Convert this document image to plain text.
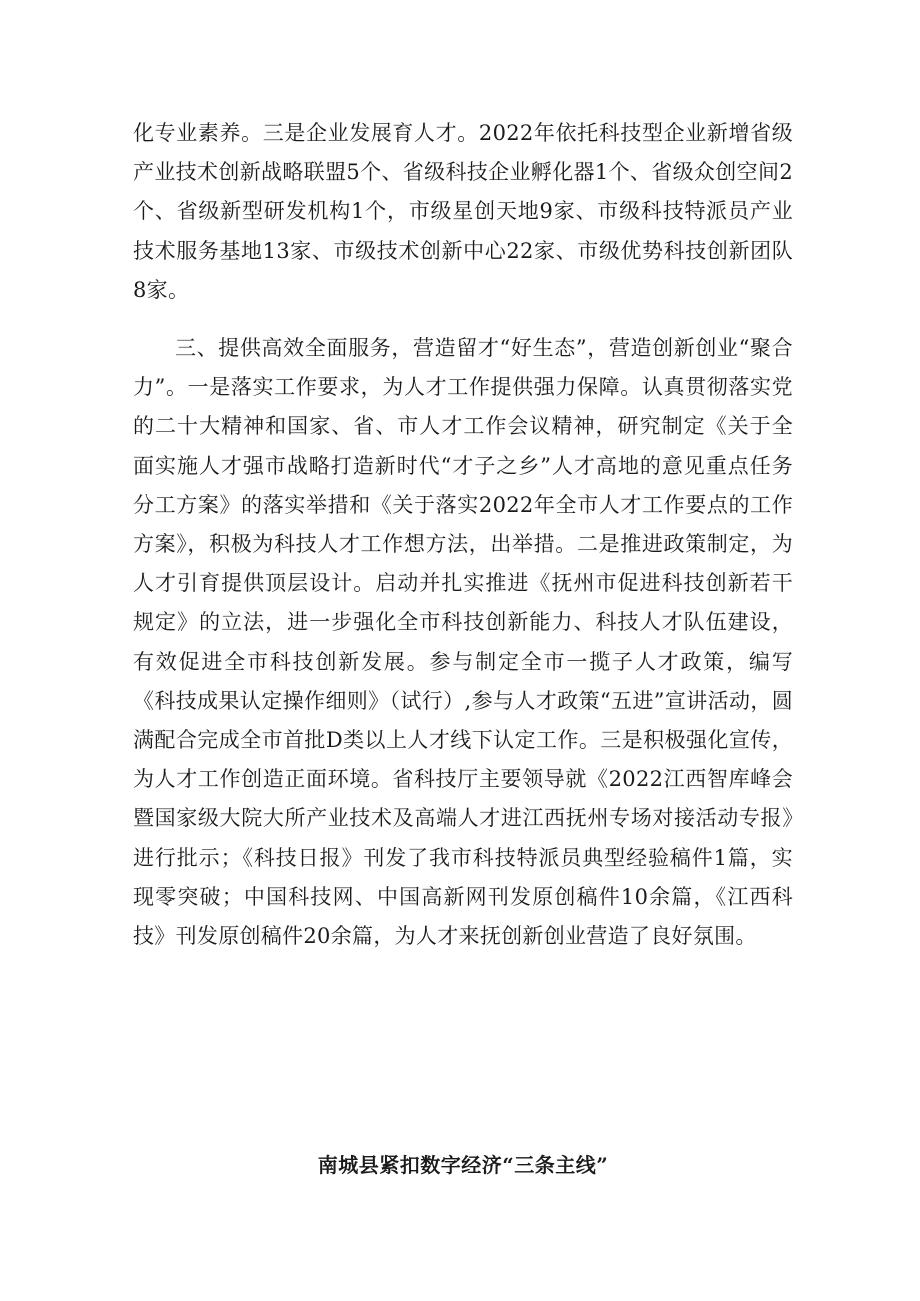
化专业素养。三是企业发展育人才。2022年依托科技型企业新增省级产业技术创新战略联盟5个、省级科技企业孵化器1个、省级众创空间2个、省级新型研发机构1个，市级星创天地9家、市级科技特派员产业技术服务基地13家、市级技术创新中心22家、市级优势科技创新团队8家。

三、提供高效全面服务，营造留才“好生态”，营造创新创业“聚合力”。一是落实工作要求，为人才工作提供强力保障。认真贯彻落实党的二十大精神和国家、省、市人才工作会议精神，研究制定《关于全面实施人才强市战略打造新时代“才子之乡”人才高地的意见重点任务分工方案》的落实举措和《关于落实2022年全市人才工作要点的工作方案》，积极为科技人才工作想方法，出举措。二是推进政策制定，为人才引育提供顶层设计。启动并扎实推进《抚州市促进科技创新若干规定》的立法，进一步强化全市科技创新能力、科技人才队伍建设，有效促进全市科技创新发展。参与制定全市一揽子人才政策，编写《科技成果认定操作细则》（试行）,参与人才政策“五进”宣讲活动，圆满配合完成全市首批D类以上人才线下认定工作。三是积极强化宣传，为人才工作创造正面环境。省科技厅主要领导就《2022江西智库峰会暨国家级大院大所产业技术及高端人才进江西抚州专场对接活动专报》进行批示；《科技日报》刊发了我市科技特派员典型经验稿件1篇，实现零突破；中国科技网、中国高新网刊发原创稿件10余篇，《江西科技》刊发原创稿件20余篇，为人才来抚创新创业营造了良好氛围。

南城县紧扣数字经济“三条主线”
